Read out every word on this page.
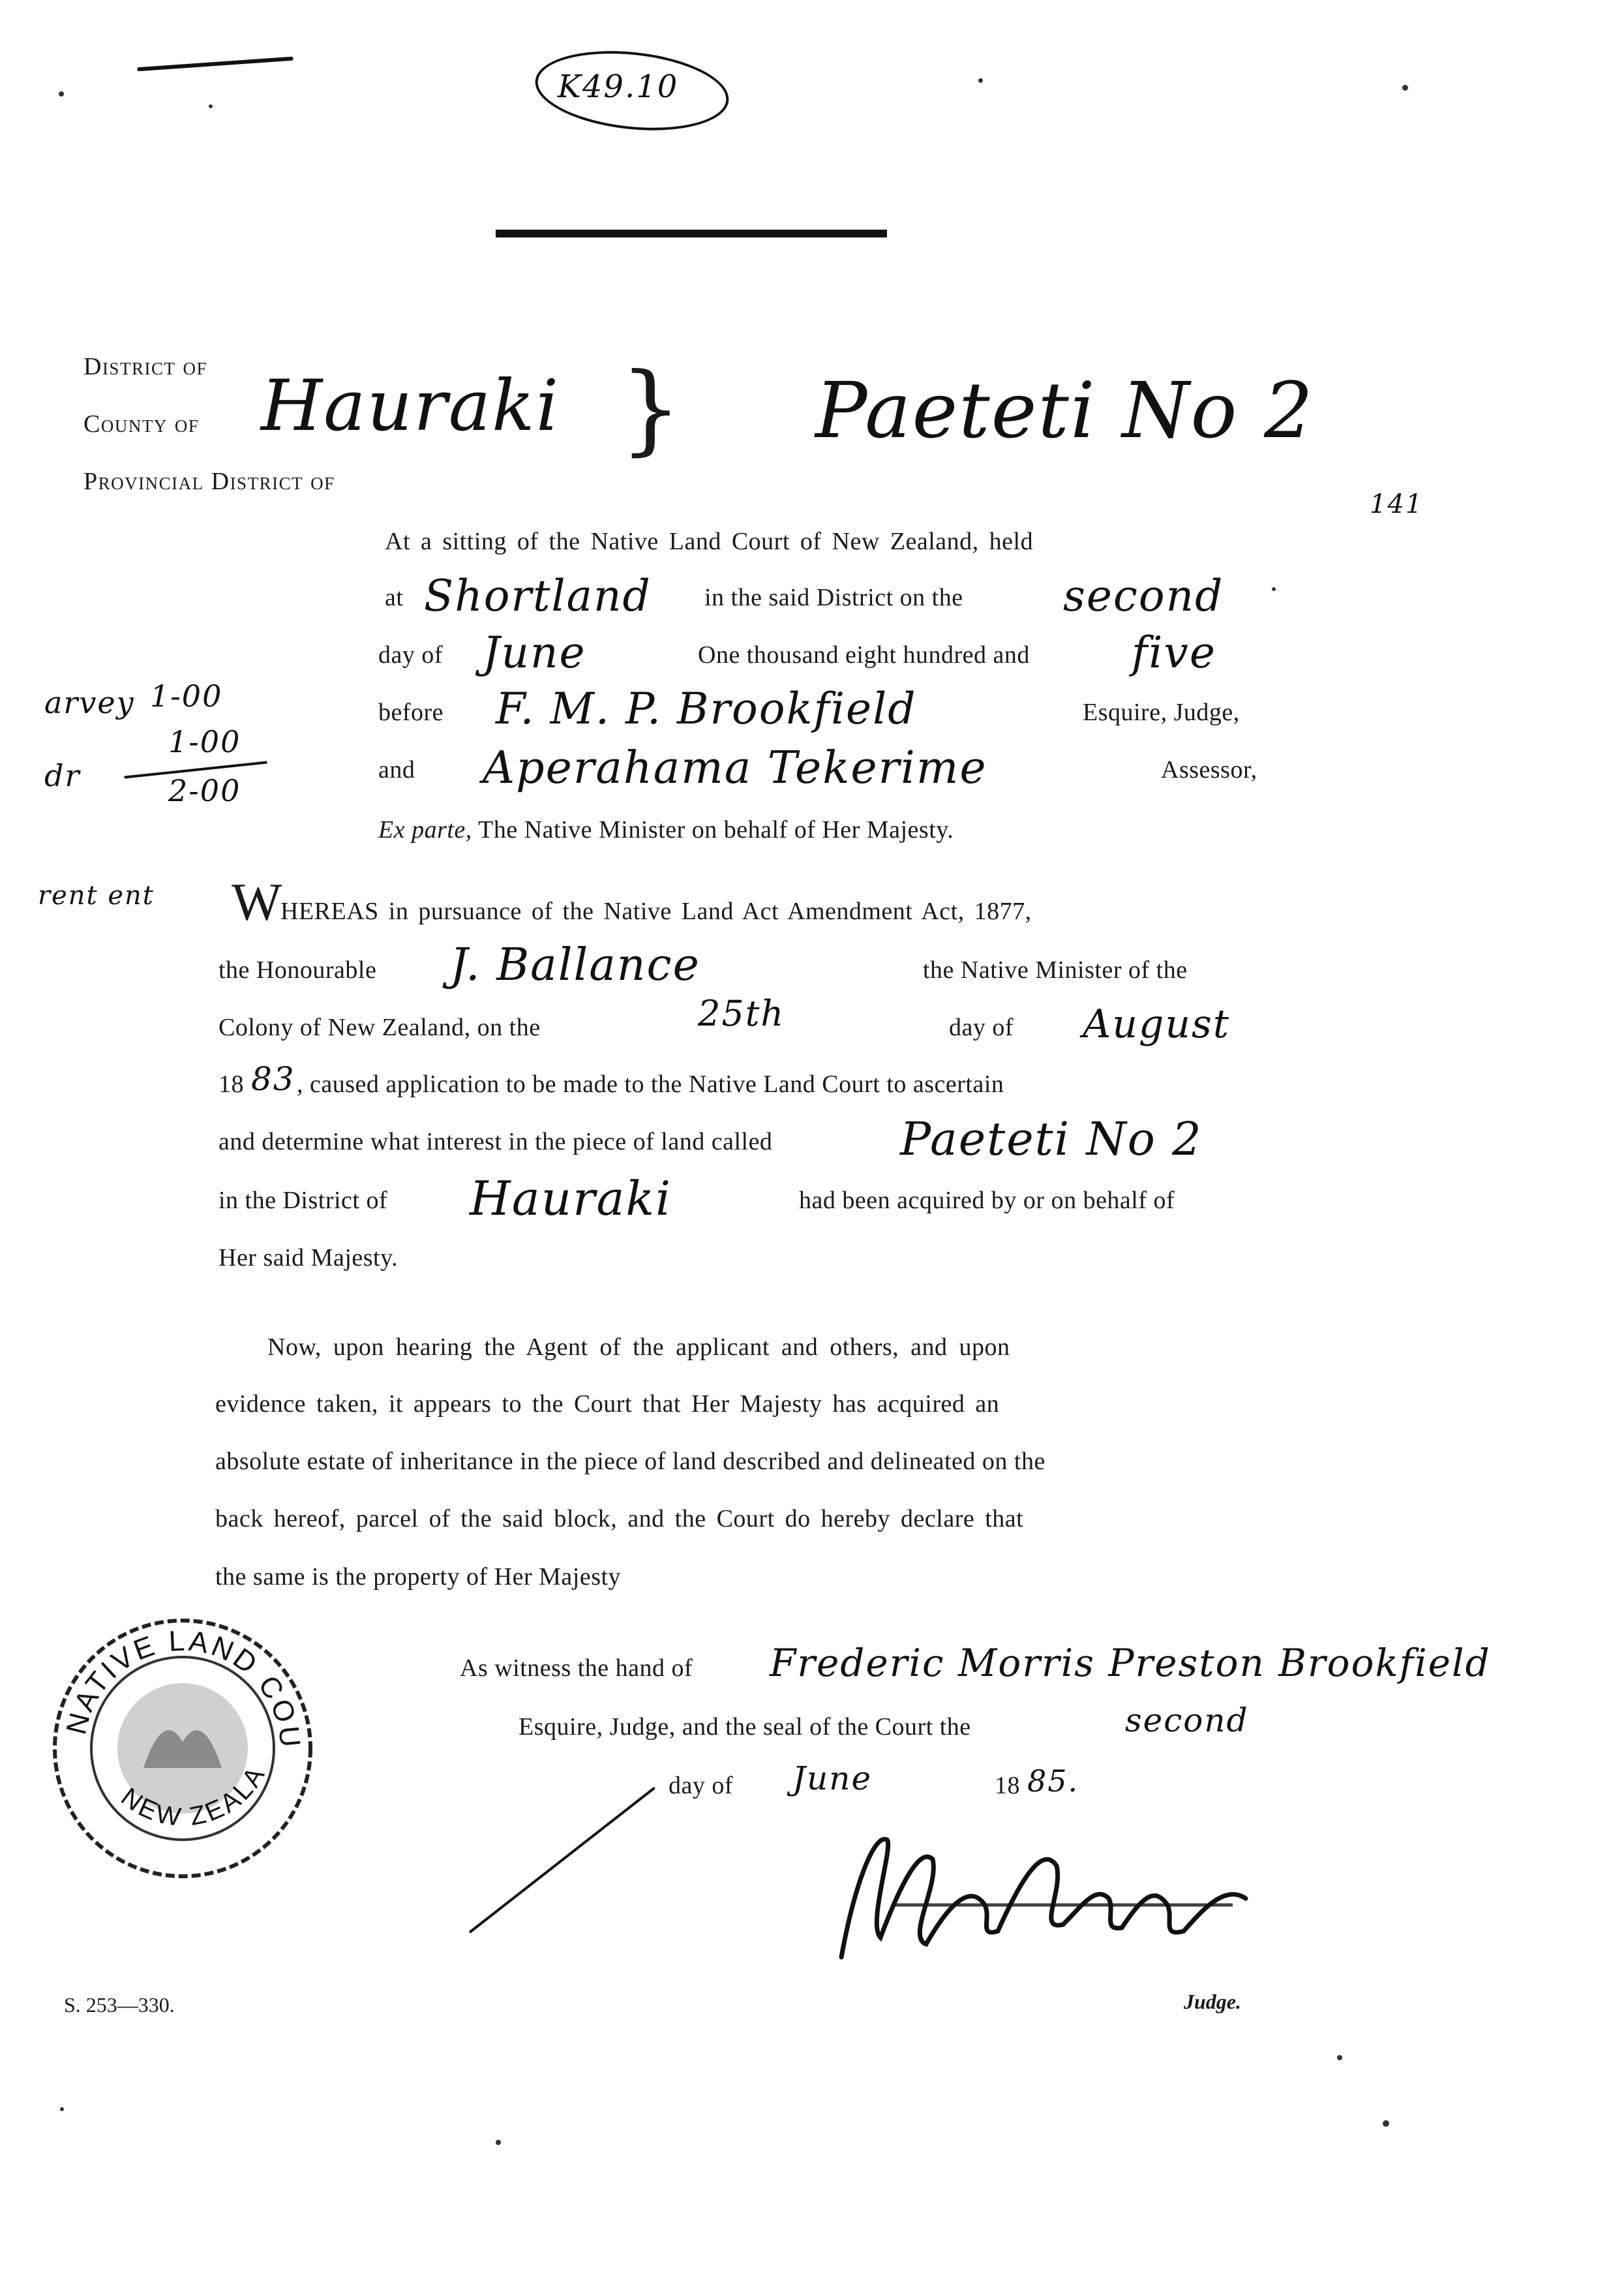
K49.10
District of
County of
Provincial District of
Hauraki } Paeteti No 2
141
At a sitting of the Native Land Court of New Zealand, held
at Shortland in the said District on the second
day of June	One thousand eight hundred and five
before F. M. P. Brookfield	Esquire, Judge,
and Aperahama Tekerime	Assessor,
Ex parte, The Native Minister on behalf of Her Majesty.
arvey 1-00
1-00
dr	2-00
rent ent W
HEREAS in pursuance of the Native Land Act Amendment Act, 1877,
the Honourable J. Ballance	the Native Minister of the
Colony of New Zealand, on the	25th	day of August
18 83 , caused application to be made to the Native Land Court to ascertain
and determine what interest in the piece of land called	Paeteti No 2
in the District of Hauraki	had been acquired by or on behalf of
Her said Majesty.
Now, upon hearing the Agent of the applicant and others, and upon
evidence taken, it appears to the Court that Her Majesty has acquired an
absolute estate of inheritance in the piece of land described and delineated on the
back hereof, parcel of the said block, and the Court do hereby declare that
the same is the property of Her Majesty
NATIVE LAND COU
NEW ZEALA
As witness the hand of Frederic Morris Preston Brookfield
Esquire, Judge, and the seal of the Court the	second
day of June	18 85.
Judge.
S. 253—330.
